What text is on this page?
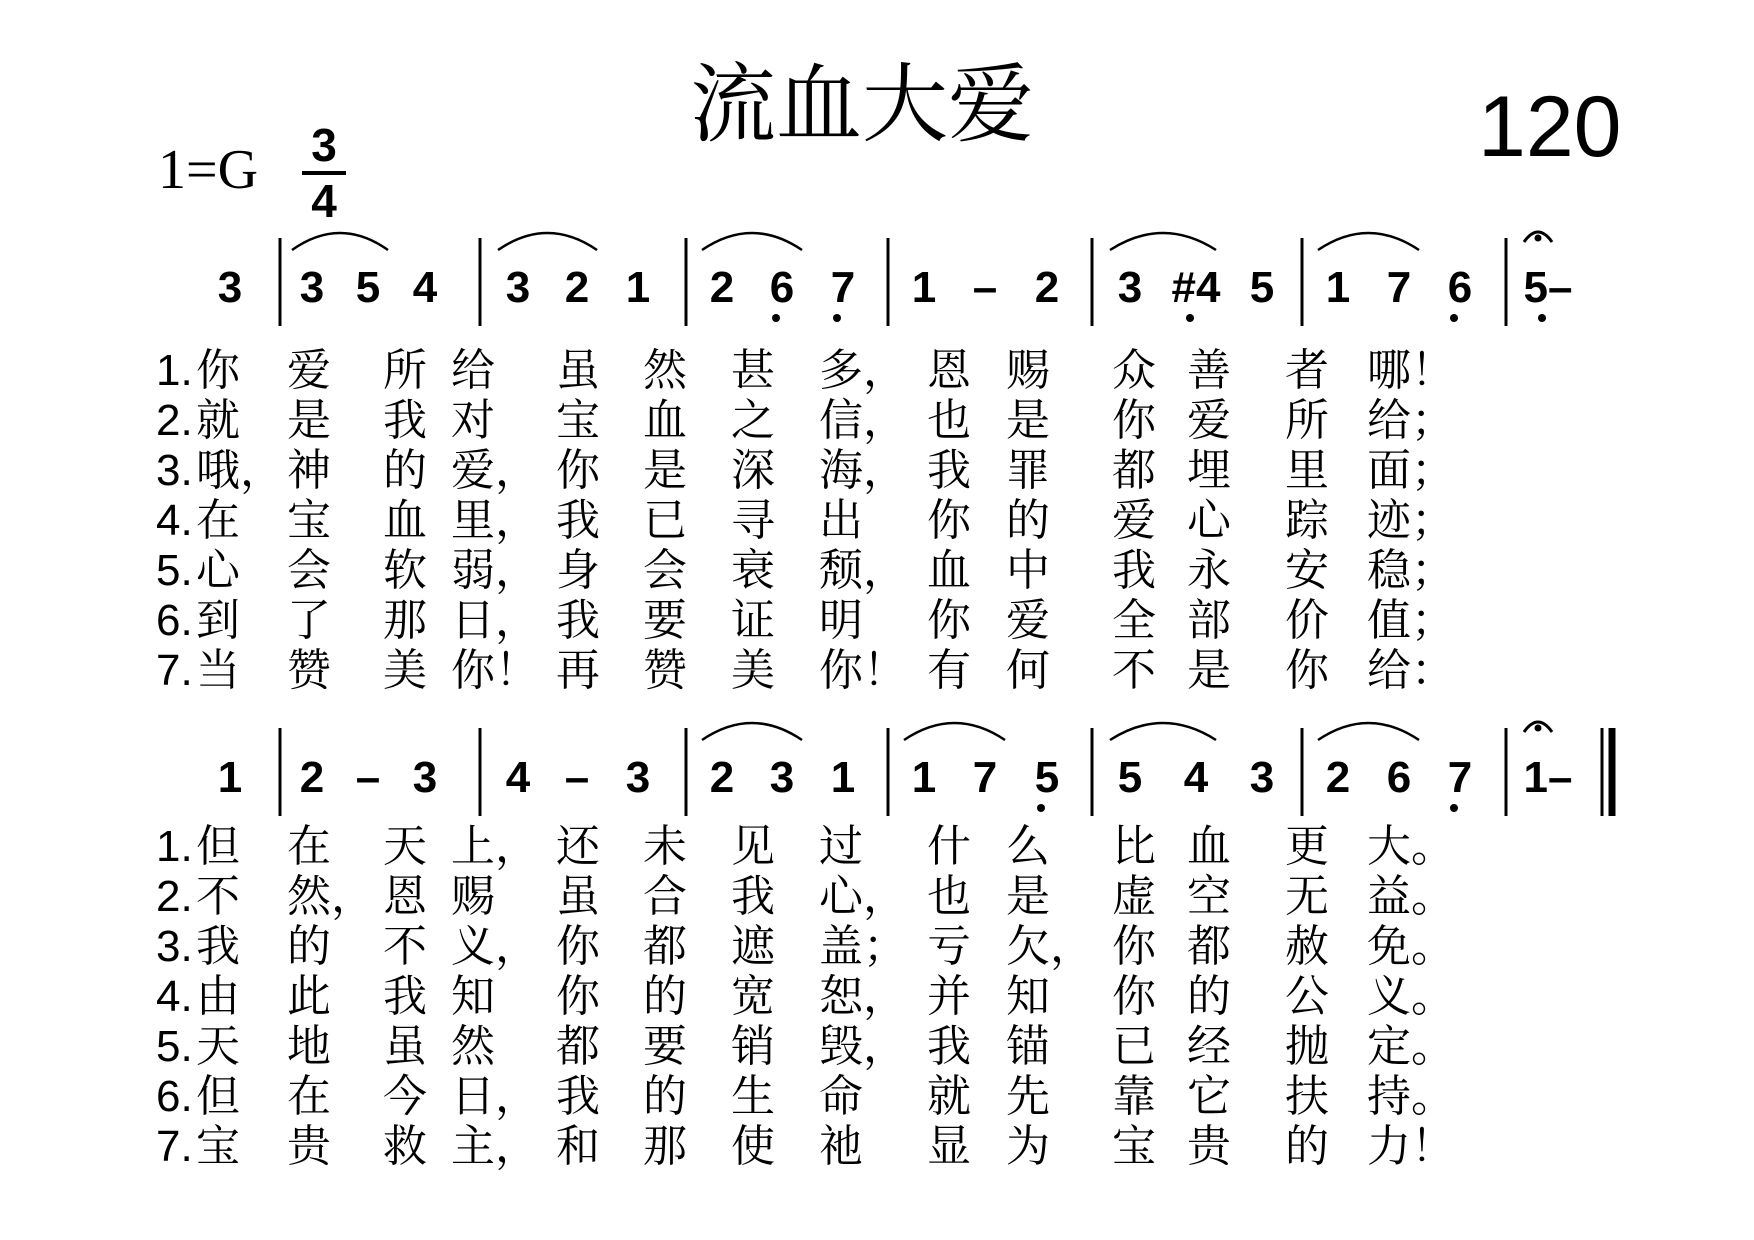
流血大爱	120
1=G 3
4
3 3 5 4 3 2 1 2 6 7 1 – 2 3 #4 5 1 7 6 5–
1 2 – 3 4 – 3 2 3 1 1 7 5 5 4 3 2 6 7 1–
1. 你 爱 所 给 虽 然 甚 多， 恩 赐 众 善 者 哪！
2. 就 是 我 对 宝 血 之 信， 也 是 你 爱 所 给；
3. 哦， 神 的 爱， 你 是 深 海， 我 罪 都 埋 里 面；
4. 在 宝 血 里， 我 已 寻 出 你 的 爱 心 踪 迹；
5. 心 会 软 弱， 身 会 衰 颓， 血 中 我 永 安 稳；
6. 到 了 那 日， 我 要 证 明 你 爱 全 部 价 值；
7. 当 赞 美 你！ 再 赞 美 你！ 有 何 不 是 你 给：
1. 但 在 天 上， 还 未 见 过 什 么 比 血 更 大。
2. 不 然， 恩 赐 虽 合 我 心， 也 是 虚 空 无 益。
3. 我 的 不 义， 你 都 遮 盖； 亏 欠， 你 都 赦 免。
4. 由 此 我 知 你 的 宽 恕， 并 知 你 的 公 义。
5. 天 地 虽 然 都 要 销 毁， 我 锚 已 经 抛 定。
6. 但 在 今 日， 我 的 生 命 就 先 靠 它 扶 持。
7. 宝 贵 救 主， 和 那 使 祂 显 为 宝 贵 的 力！
